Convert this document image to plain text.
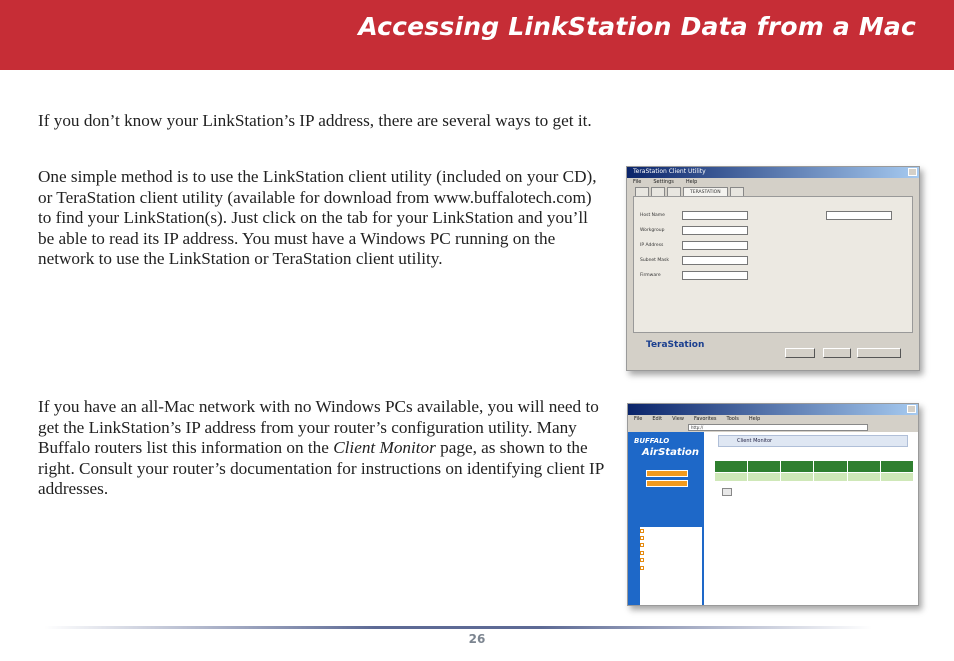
Accessing LinkStation Data from a Mac

If you don’t know your LinkStation’s IP address, there are several ways to get it.

One simple method is to use the LinkStation client utility (included on your CD), or TeraStation client utility (available for download from www.buffalotech.com) to find your LinkStation(s). Just click on the tab for your LinkStation and you’ll be able to read its IP address. You must have a Windows PC running on the network to use the LinkStation or TeraStation client utility.

If you have an all-Mac network with no Windows PCs available, you will need to get the LinkStation’s IP address from your router’s configuration utility. Many Buffalo routers list this information on the Client Monitor page, as shown to the right. Consult your router’s documentation for instructions on identifying client IP addresses.

TeraStation Client Utility
File Settings Help
TERASTATION
TeraStation
Host Name
Workgroup
IP Address
Subnet Mask
Firmware
File Edit View Favorites Tools Help
http://
BUFFALO
AirStation
Client Monitor

26
